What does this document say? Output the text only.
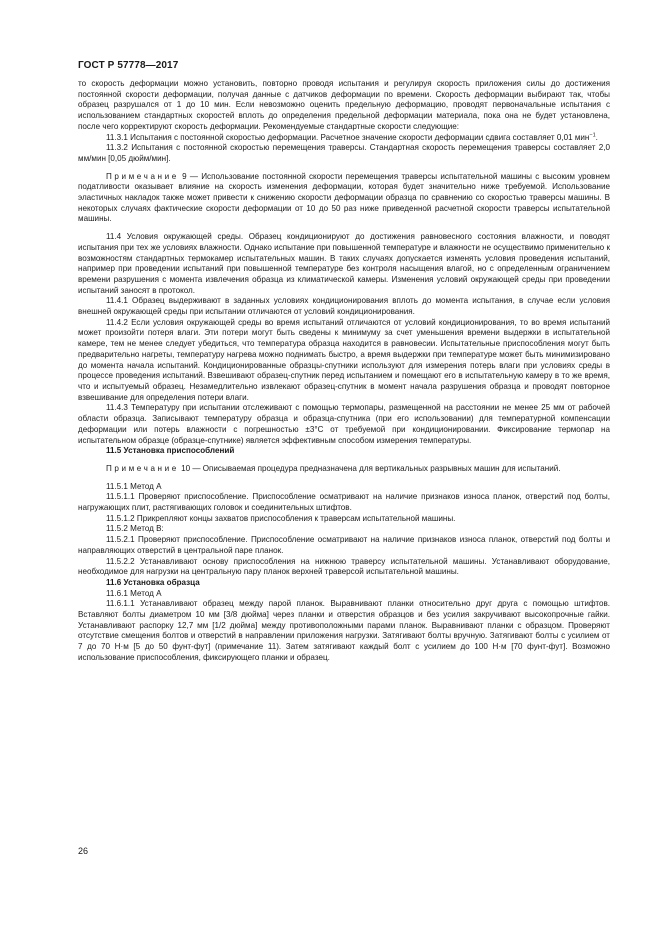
ГОСТ Р 57778—2017

то скорость деформации можно установить, повторно проводя испытания и регулируя скорость приложения силы до достижения постоянной скорости деформации, получая данные с датчиков деформации по времени. Скорость деформации выбирают так, чтобы образец разрушался от 1 до 10 мин. Если невозможно оценить предельную деформацию, проводят первоначальные испытания с использованием стандартных скоростей вплоть до определения предельной деформации материала, пока она не будет установлена, после чего корректируют скорость деформации. Рекомендуемые стандартные скорости следующие:

11.3.1 Испытания с постоянной скоростью деформации. Расчетное значение скорости деформации сдвига составляет 0,01 мин$^{-1}$.

11.3.2 Испытания с постоянной скоростью перемещения траверсы. Стандартная скорость перемещения траверсы составляет 2,0 мм/мин [0,05 дюйм/мин].

Примечание 9 — Использование постоянной скорости перемещения траверсы испытательной машины с высоким уровнем податливости оказывает влияние на скорость изменения деформации, которая будет значительно ниже требуемой. Использование эластичных накладок также может привести к снижению скорости деформации образца по сравнению со скоростью траверсы машины. В некоторых случаях фактические скорости деформации от 10 до 50 раз ниже приведенной расчетной скорости траверсы испытательной машины.

11.4 Условия окружающей среды. Образец кондиционируют до достижения равновесного состояния влажности, и поводят испытания при тех же условиях влажности. Однако испытание при повышенной температуре и влажности не осуществимо применительно к возможностям стандартных термокамер испытательных машин. В таких случаях допускается изменять условия проведения испытаний, например при проведении испытаний при повышенной температуре без контроля насыщения влагой, но с определенным ограничением времени разрушения с момента извлечения образца из климатической камеры. Изменения условий окружающей среды при проведении испытаний заносят в протокол.

11.4.1 Образец выдерживают в заданных условиях кондиционирования вплоть до момента испытания, в случае если условия внешней окружающей среды при испытании отличаются от условий кондиционирования.

11.4.2 Если условия окружающей среды во время испытаний отличаются от условий кондиционирования, то во время испытаний может произойти потеря влаги. Эти потери могут быть сведены к минимуму за счет уменьшения времени выдержки в испытательной камере, тем не менее следует убедиться, что температура образца находится в равновесии. Испытательные приспособления могут быть предварительно нагреты, температуру нагрева можно поднимать быстро, а время выдержки при температуре может быть минимизировано до момента начала испытаний. Кондиционированные образцы-спутники используют для измерения потерь влаги при условиях среды в процессе проведения испытаний. Взвешивают образец-спутник перед испытанием и помещают его в испытательную камеру в то же время, что и испытуемый образец. Незамедлительно извлекают образец-спутник в момент начала разрушения образца и проводят повторное взвешивание для определения потери влаги.

11.4.3 Температуру при испытании отслеживают с помощью термопары, размещенной на расстоянии не менее 25 мм от рабочей области образца. Записывают температуру образца и образца-спутника (при его использовании) для температурной компенсации деформации или потерь влажности с погрешностью ±3°С от требуемой при кондиционировании. Фиксирование термопар на испытательном образце (образце-спутнике) является эффективным способом измерения температуры.

11.5 Установка приспособлений

Примечание 10 — Описываемая процедура предназначена для вертикальных разрывных машин для испытаний.

11.5.1 Метод А

11.5.1.1 Проверяют приспособление. Приспособление осматривают на наличие признаков износа планок, отверстий под болты, нагружающих плит, растягивающих головок и соединительных штифтов.

11.5.1.2 Прикрепляют концы захватов приспособления к траверсам испытательной машины.

11.5.2 Метод В:

11.5.2.1 Проверяют приспособление. Приспособление осматривают на наличие признаков износа планок, отверстий под болты и направляющих отверстий в центральной паре планок.

11.5.2.2 Устанавливают основу приспособления на нижнюю траверсу испытательной машины. Устанавливают оборудование, необходимое для нагрузки на центральную пару планок верхней траверсой испытательной машины.

11.6 Установка образца

11.6.1 Метод А

11.6.1.1 Устанавливают образец между парой планок. Выравнивают планки относительно друг друга с помощью штифтов. Вставляют болты диаметром 10 мм [3/8 дюйма] через планки и отверстия образцов и без усилия закручивают высокопрочные гайки. Устанавливают распорку 12,7 мм [1/2 дюйма] между противоположными парами планок. Выравнивают планки с образцом. Проверяют отсутствие смещения болтов и отверстий в направлении приложения нагрузки. Затягивают болты вручную. Затягивают болты с усилием от 7 до 70 Н·м [5 до 50 фунт-фут] (примечание 11). Затем затягивают каждый болт с усилием до 100 Н·м [70 фунт-фут]. Возможно использование приспособления, фиксирующего планки и образец.

26
